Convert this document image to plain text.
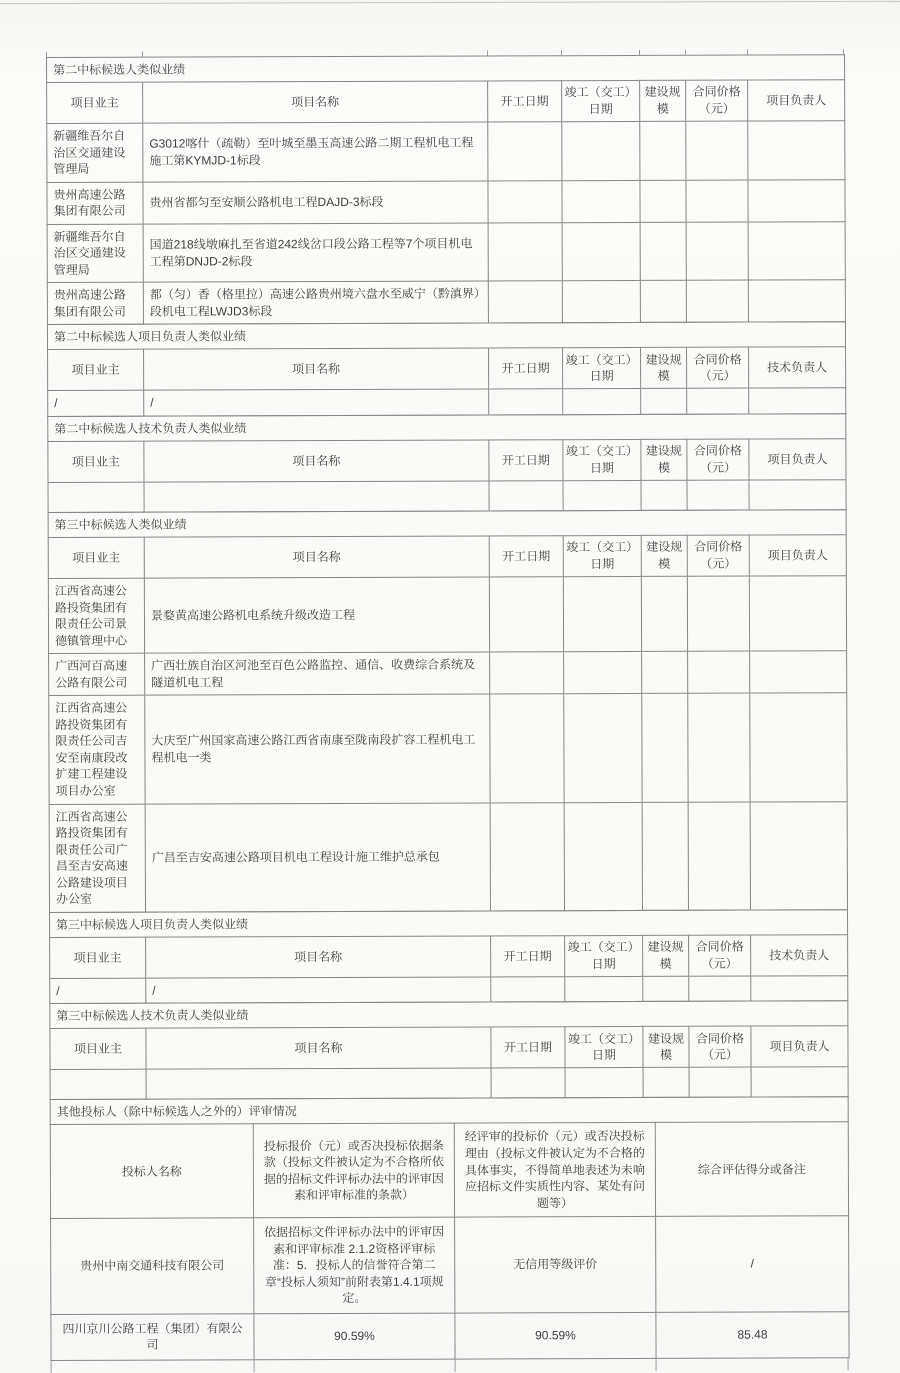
第二中标候选人类似业绩						
项目业主	项目名称	开工日期	竣工（交工）日期	建设规模	合同价格（元）	项目负责人
新疆维吾尔自治区交通建设管理局	G3012喀什（疏勒）至叶城至墨玉高速公路二期工程机电工程施工第KYMJD-1标段					
贵州高速公路集团有限公司	贵州省都匀至安顺公路机电工程DAJD-3标段					
新疆维吾尔自治区交通建设管理局	国道218线墩麻扎至省道242线岔口段公路工程等7个项目机电工程第DNJD-2标段					
贵州高速公路集团有限公司	都（匀）香（格里拉）高速公路贵州境六盘水至威宁（黔滇界）段机电工程LWJD3标段					
第二中标候选人项目负责人类似业绩						
项目业主	项目名称	开工日期	竣工（交工）日期	建设规模	合同价格（元）	技术负责人
/	/					
第二中标候选人技术负责人类似业绩						
项目业主	项目名称	开工日期	竣工（交工）日期	建设规模	合同价格（元）	项目负责人

第三中标候选人类似业绩						
项目业主	项目名称	开工日期	竣工（交工）日期	建设规模	合同价格（元）	项目负责人
江西省高速公路投资集团有限责任公司景德镇管理中心	景婺黄高速公路机电系统升级改造工程					
广西河百高速公路有限公司	广西壮族自治区河池至百色公路监控、通信、收费综合系统及隧道机电工程					
江西省高速公路投资集团有限责任公司吉安至南康段改扩建工程建设项目办公室	大庆至广州国家高速公路江西省南康至陇南段扩容工程机电工程机电一类					
江西省高速公路投资集团有限责任公司广昌至吉安高速公路建设项目办公室	广昌至吉安高速公路项目机电工程设计施工维护总承包					
第三中标候选人项目负责人类似业绩						
项目业主	项目名称	开工日期	竣工（交工）日期	建设规模	合同价格（元）	技术负责人
/	/					
第三中标候选人技术负责人类似业绩						
项目业主	项目名称	开工日期	竣工（交工）日期	建设规模	合同价格（元）	项目负责人

其他投标人（除中标候选人之外的）评审情况			
投标人名称	投标报价（元）或否决投标依据条款（投标文件被认定为不合格所依据的招标文件评标办法中的评审因素和评审标准的条款）	经评审的投标价（元）或否决投标理由（投标文件被认定为不合格的具体事实，不得简单地表述为未响应招标文件实质性内容、某处有问题等）	综合评估得分或备注
贵州中南交通科技有限公司	依据招标文件评标办法中的评审因素和评审标准 2.1.2资格评审标准：5．投标人的信誉符合第二 章“投标人须知”前附表第1.4.1项规定。	无信用等级评价	/
四川京川公路工程（集团）有限公司	90.59%	90.59%	85.48
